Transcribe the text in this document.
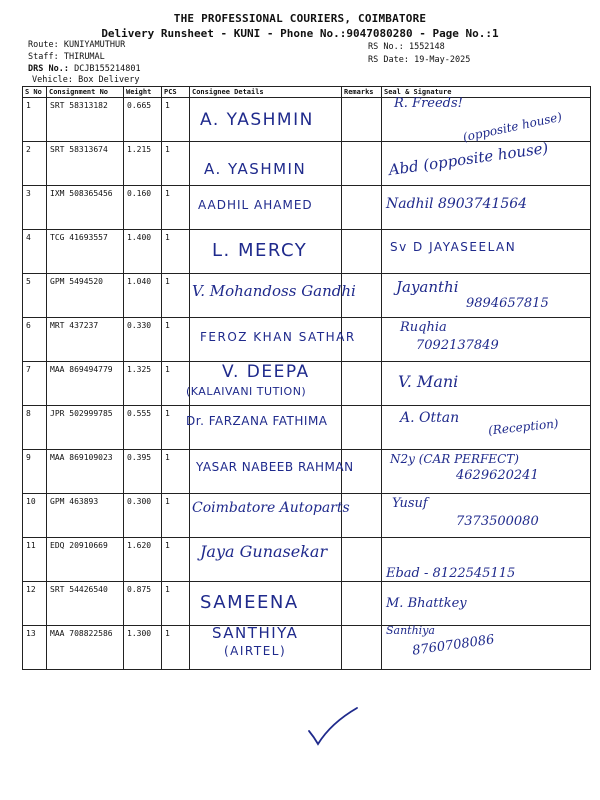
THE PROFESSIONAL COURIERS, COIMBATORE
Delivery Runsheet - KUNI - Phone No.:9047080280 - Page No.:1
Route: KUNIYAMUTHUR
Staff: THIRUMAL
DRS No.: DCJB155214801
Vehicle: Box Delivery
RS No.: 1552148
RS Date: 19-May-2025
S No	Consignment No	Weight	PCS	Consignee Details	Remarks	Seal & Signature
1	SRT 58313182	0.665	1	A. YASHMIN		R. Freeds!
(opposite house)

2	SRT 58313674	1.215	1	A. YASHMIN		Abd (opposite house)

3	IXM 508365456	0.160	1	AADHIL AHAMED		Nadhil 8903741564

4	TCG 41693557	1.400	1	L. MERCY		Sv D JAYASEELAN

5	GPM 5494520	1.040	1	V. Mohandoss Gandhi		Jayanthi
9894657815

6	MRT 437237	0.330	1	FEROZ KHAN SATHAR		Ruqhia
7092137849

7	MAA 869494779	1.325	1	V. DEEPA
(KALAIVANI TUTION)		V. Mani

8	JPR 502999785	0.555	1	Dr. FARZANA FATHIMA		A. Ottan (Reception)

9	MAA 869109023	0.395	1	YASAR NABEEB RAHMAN		N2y (CAR PERFECT)
4629620241

10	GPM 463893	0.300	1	Coimbatore Autoparts		Yusuf
7373500080

11	EDQ 20910669	1.620	1	Jaya Gunasekar		Ebad - 8122545115

12	SRT 54426540	0.875	1	SAMEENA		M. Bhattkey

13	MAA 708822586	1.300	1	SANTHIYA
(AIRTEL)		Santhiya
8760708086
